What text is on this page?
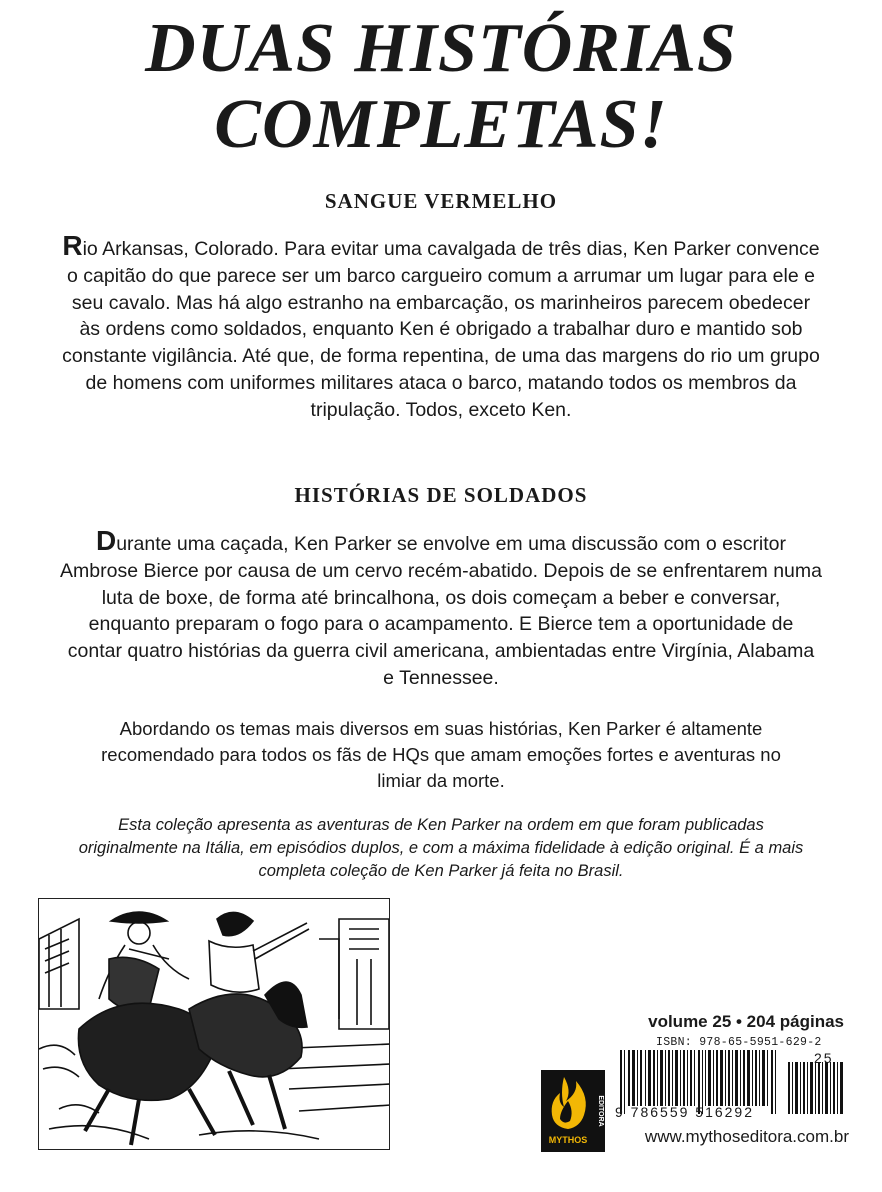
DUAS HISTÓRIAS
COMPLETAS!
SANGUE VERMELHO

Rio Arkansas, Colorado. Para evitar uma cavalgada de três dias, Ken Parker convence o capitão do que parece ser um barco cargueiro comum a arrumar um lugar para ele e seu cavalo. Mas há algo estranho na embarcação, os marinheiros parecem obedecer às ordens como soldados, enquanto Ken é obrigado a trabalhar duro e mantido sob constante vigilância. Até que, de forma repentina, de uma das margens do rio um grupo de homens com uniformes militares ataca o barco, matando todos os membros da tripulação. Todos, exceto Ken.

HISTÓRIAS DE SOLDADOS

Durante uma caçada, Ken Parker se envolve em uma discussão com o escritor Ambrose Bierce por causa de um cervo recém-abatido. Depois de se enfrentarem numa luta de boxe, de forma até brincalhona, os dois começam a beber e conversar, enquanto preparam o fogo para o acampamento. E Bierce tem a oportunidade de contar quatro histórias da guerra civil americana, ambientadas entre Virgínia, Alabama e Tennessee.

Abordando os temas mais diversos em suas histórias, Ken Parker é altamente recomendado para todos os fãs de HQs que amam emoções fortes e aventuras no limiar da morte.

Esta coleção apresenta as aventuras de Ken Parker na ordem em que foram publicadas originalmente na Itália, em episódios duplos, e com a máxima fidelidade à edição original. É a mais completa coleção de Ken Parker já feita no Brasil.

volume 25 • 204 páginas
ISBN: 978-65-5951-629-2
25
9 786559 516292
MYTHOS
EDITORA
www.mythoseditora.com.br
